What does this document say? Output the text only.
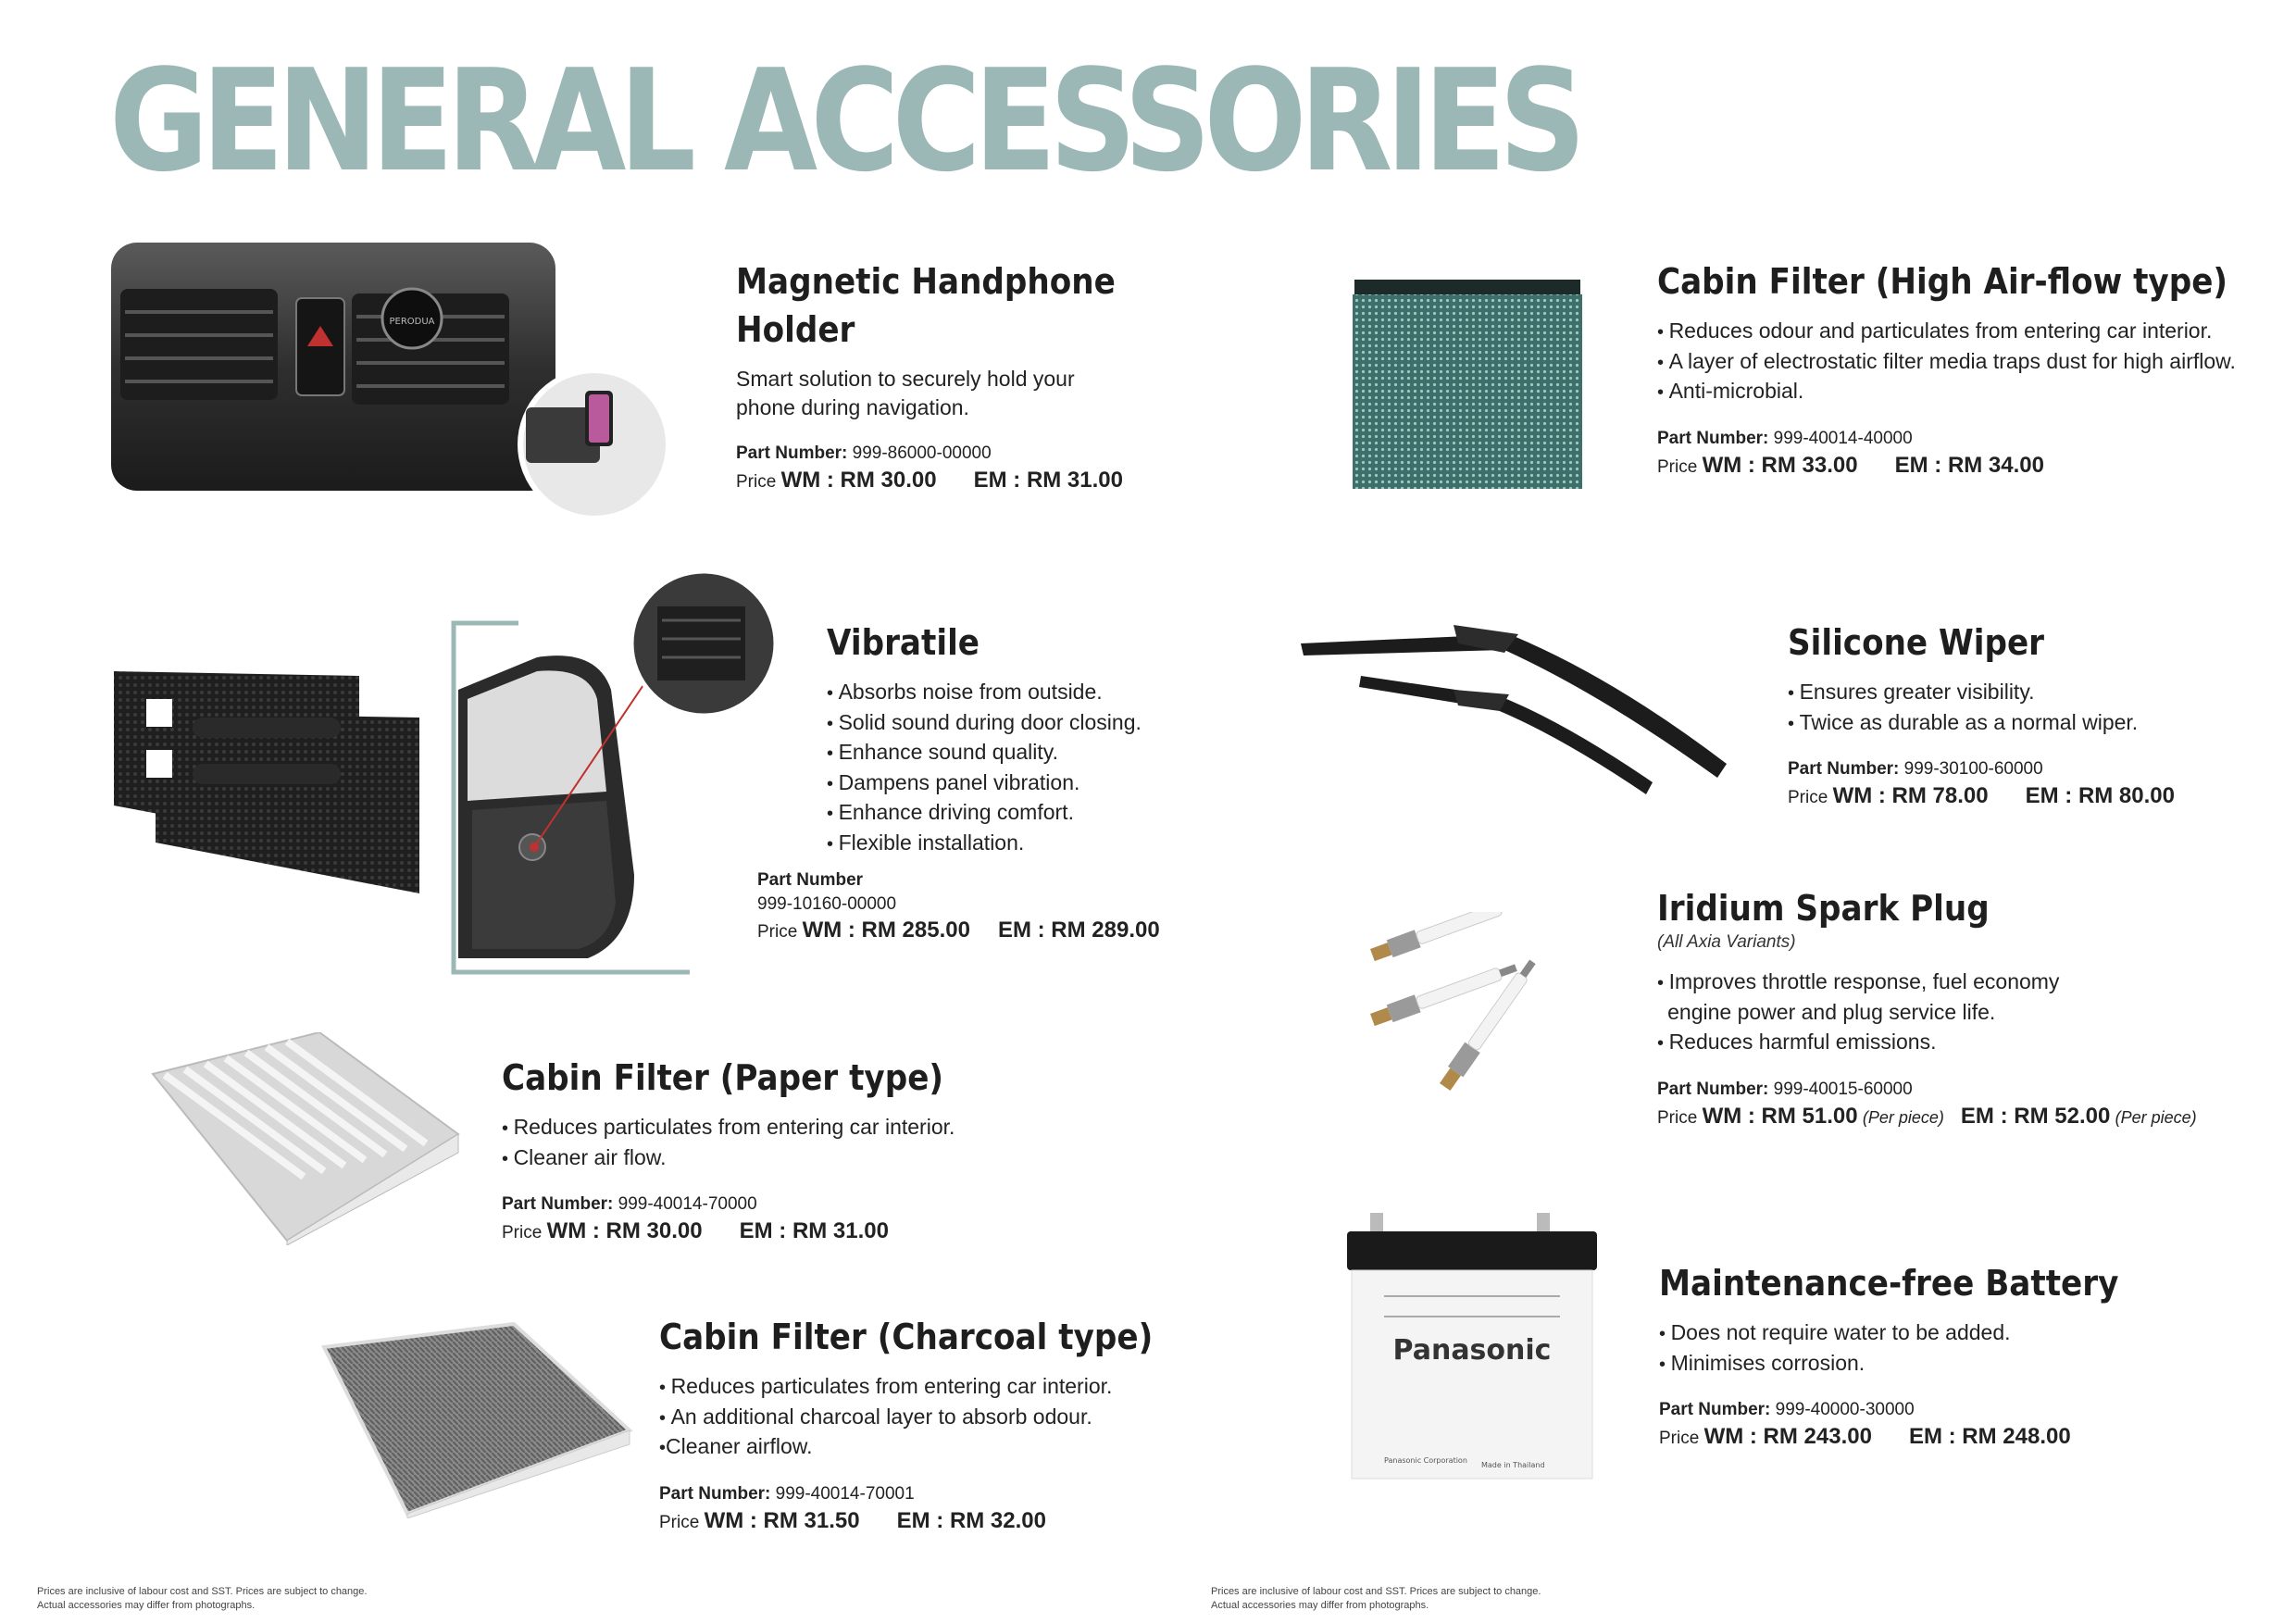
GENERAL ACCESSORIES
PERODUA
Magnetic Handphone
Holder

Smart solution to securely hold your
phone during navigation.

Part Number: 999-86000-00000
Price WM : RM 30.00 EM : RM 31.00
Cabin Filter (High Air-flow type)
• Reduces odour and particulates from entering car interior.
• A layer of electrostatic filter media traps dust for high airflow.
• Anti-microbial.
Part Number: 999-40014-40000
Price WM : RM 33.00 EM : RM 34.00
Vibratile
• Absorbs noise from outside.
• Solid sound during door closing.
• Enhance sound quality.
• Dampens panel vibration.
• Enhance driving comfort.
• Flexible installation.
Part Number
999-10160-00000
Price WM : RM 285.00 EM : RM 289.00
Silicone Wiper
• Ensures greater visibility.
• Twice as durable as a normal wiper.
Part Number: 999-30100-60000
Price WM : RM 78.00 EM : RM 80.00
Iridium Spark Plug
(All Axia Variants)
• Improves throttle response, fuel economy
engine power and plug service life.
• Reduces harmful emissions.
Part Number: 999-40015-60000
Price WM : RM 51.00 (Per piece) EM : RM 52.00 (Per piece)
Cabin Filter (Paper type)
• Reduces particulates from entering car interior.
• Cleaner air flow.
Part Number: 999-40014-70000
Price WM : RM 30.00 EM : RM 31.00
Panasonic
Panasonic Corporation
Made in Thailand
Maintenance-free Battery
• Does not require water to be added.
• Minimises corrosion.
Part Number: 999-40000-30000
Price WM : RM 243.00 EM : RM 248.00
Cabin Filter (Charcoal type)
• Reduces particulates from entering car interior.
• An additional charcoal layer to absorb odour.
• Cleaner airflow.
Part Number: 999-40014-70001
Price WM : RM 31.50 EM : RM 32.00
Prices are inclusive of labour cost and SST. Prices are subject to change.
Actual accessories may differ from photographs.
Prices are inclusive of labour cost and SST. Prices are subject to change.
Actual accessories may differ from photographs.
